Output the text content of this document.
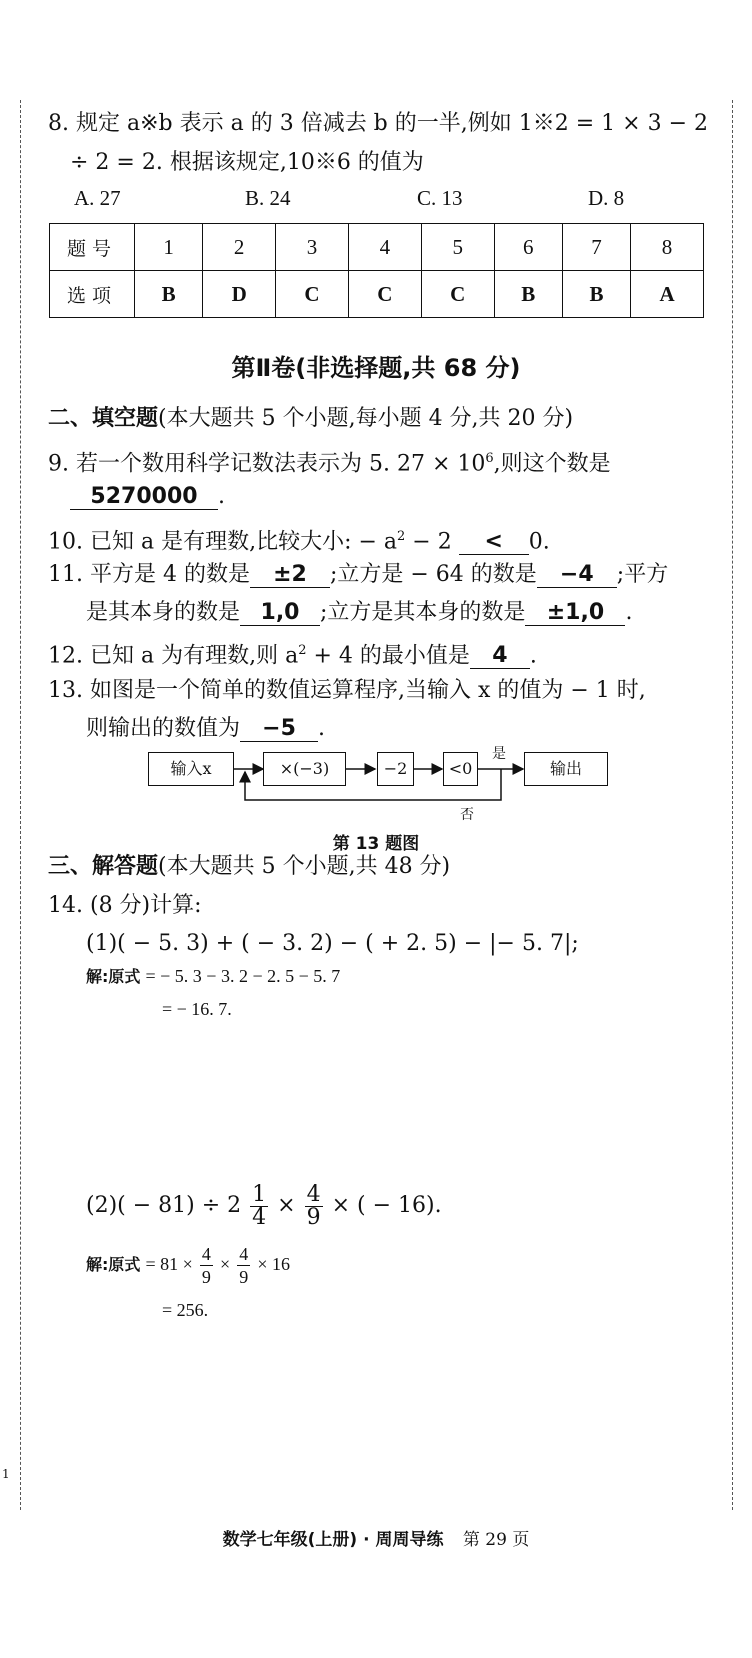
1
8. 规定 a※b 表示 a 的 3 倍减去 b 的一半,例如 1※2 = 1 × 3 − 2
÷ 2 = 2. 根据该规定,10※6 的值为
A. 27	B. 24	C. 13	D. 8
题号	1	2	3	4	5	6	7	8
选项	B	D	C	C	C	B	B	A
第Ⅱ卷(非选择题,共 68 分)
二、填空题(本大题共 5 个小题,每小题 4 分,共 20 分)
9. 若一个数用科学记数法表示为 5. $27 \times 10^6$,则这个数是
5270000 .
10. 已知 a 是有理数,比较大小: − $a^2 - 2 < 0$.
11. 平方是 4 的数是 ±2 ;立方是 − 64 的数是 −4 ;平方
是其本身的数是 1,0 ;立方是其本身的数是 ±1,0 .
12. 已知 a 为有理数,则 $a^2 + 4$ 的最小值是 4 .
13. 如图是一个简单的数值运算程序,当输入 x 的值为 − 1 时,
则输出的数值为 −5 .
输入x	×(−3)	−2	<0	输出
是
否
第 13 题图
三、解答题(本大题共 5 个小题,共 48 分)
14. (8 分)计算:
(1)( − 5. 3) + ( − 3. 2) − ( + 2. 5) − |− 5. 7|;
解:原式 = − 5. 3 − 3. 2 − 2. 5 − 5. 7
= − 16. 7.
$(2)( - 81) \div 2 \frac{1}{4} \times \frac{4}{9}$ × ( − 16).
解:原式 = $81 \times \frac{4}{9} \times \frac{4}{9} \times 16$
= 256.
数学七年级(上册) · 周周导练 第 29 页
